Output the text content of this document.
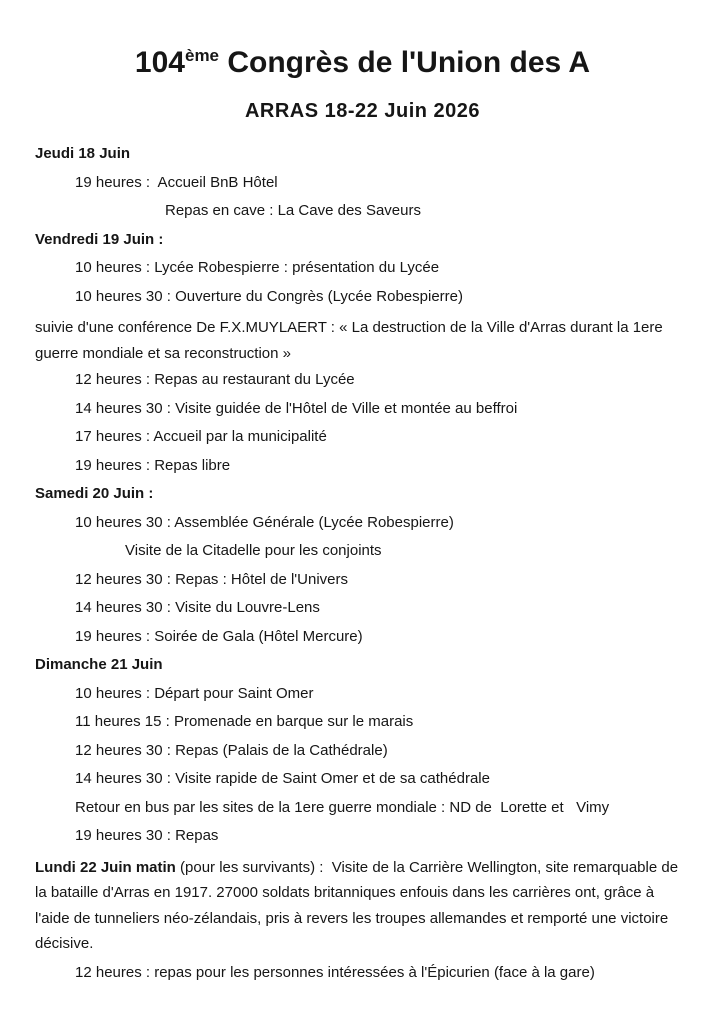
104ème Congrès de l'Union des A
ARRAS 18-22 Juin 2026

Jeudi 18 Juin

19 heures :  Accueil BnB Hôtel

Repas en cave : La Cave des Saveurs

Vendredi 19 Juin :

10 heures : Lycée Robespierre : présentation du Lycée

10 heures 30 : Ouverture du Congrès (Lycée Robespierre)

suivie d'une conférence De F.X.MUYLAERT : « La destruction de la Ville d'Arras durant la 1ere guerre mondiale et sa reconstruction »

12 heures : Repas au restaurant du Lycée

14 heures 30 : Visite guidée de l'Hôtel de Ville et montée au beffroi

17 heures : Accueil par la municipalité

19 heures : Repas libre

Samedi 20 Juin :

10 heures 30 : Assemblée Générale (Lycée Robespierre)

Visite de la Citadelle pour les conjoints

12 heures 30 : Repas : Hôtel de l'Univers

14 heures 30 : Visite du Louvre-Lens

19 heures : Soirée de Gala (Hôtel Mercure)

Dimanche 21 Juin

10 heures : Départ pour Saint Omer

11 heures 15 : Promenade en barque sur le marais

12 heures 30 : Repas (Palais de la Cathédrale)

14 heures 30 : Visite rapide de Saint Omer et de sa cathédrale

Retour en bus par les sites de la 1ere guerre mondiale : ND de  Lorette et   Vimy

19 heures 30 : Repas

Lundi 22 Juin matin (pour les survivants) :  Visite de la Carrière Wellington, site remarquable de la bataille d'Arras en 1917. 27000 soldats britanniques enfouis dans les carrières ont, grâce à l'aide de tunneliers néo-zélandais, pris à revers les troupes allemandes et remporté une victoire décisive.

12 heures : repas pour les personnes intéressées à l'Épicurien (face à la gare)
